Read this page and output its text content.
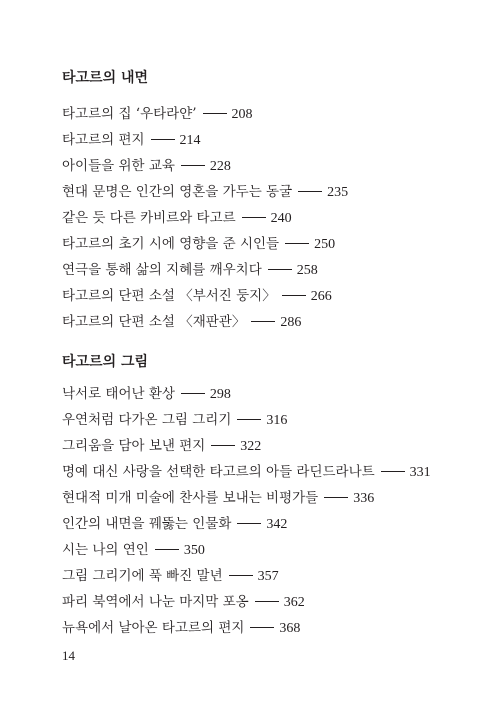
타고르의 내면
타고르의 집 ‘우타라얀’	208
타고르의 편지	214
아이들을 위한 교육	228
현대 문명은 인간의 영혼을 가두는 동굴	235
같은 듯 다른 카비르와 타고르	240
타고르의 초기 시에 영향을 준 시인들	250
연극을 통해 삶의 지혜를 깨우치다	258
타고르의 단편 소설 〈부서진 둥지〉	266
타고르의 단편 소설 〈재판관〉	286
타고르의 그림
낙서로 태어난 환상	298
우연처럼 다가온 그림 그리기	316
그리움을 담아 보낸 편지	322
명예 대신 사랑을 선택한 타고르의 아들 라딘드라나트	331
현대적 미개 미술에 찬사를 보내는 비평가들	336
인간의 내면을 꿰뚫는 인물화	342
시는 나의 연인	350
그림 그리기에 푹 빠진 말년	357
파리 북역에서 나눈 마지막 포옹	362
뉴욕에서 날아온 타고르의 편지	368
14
